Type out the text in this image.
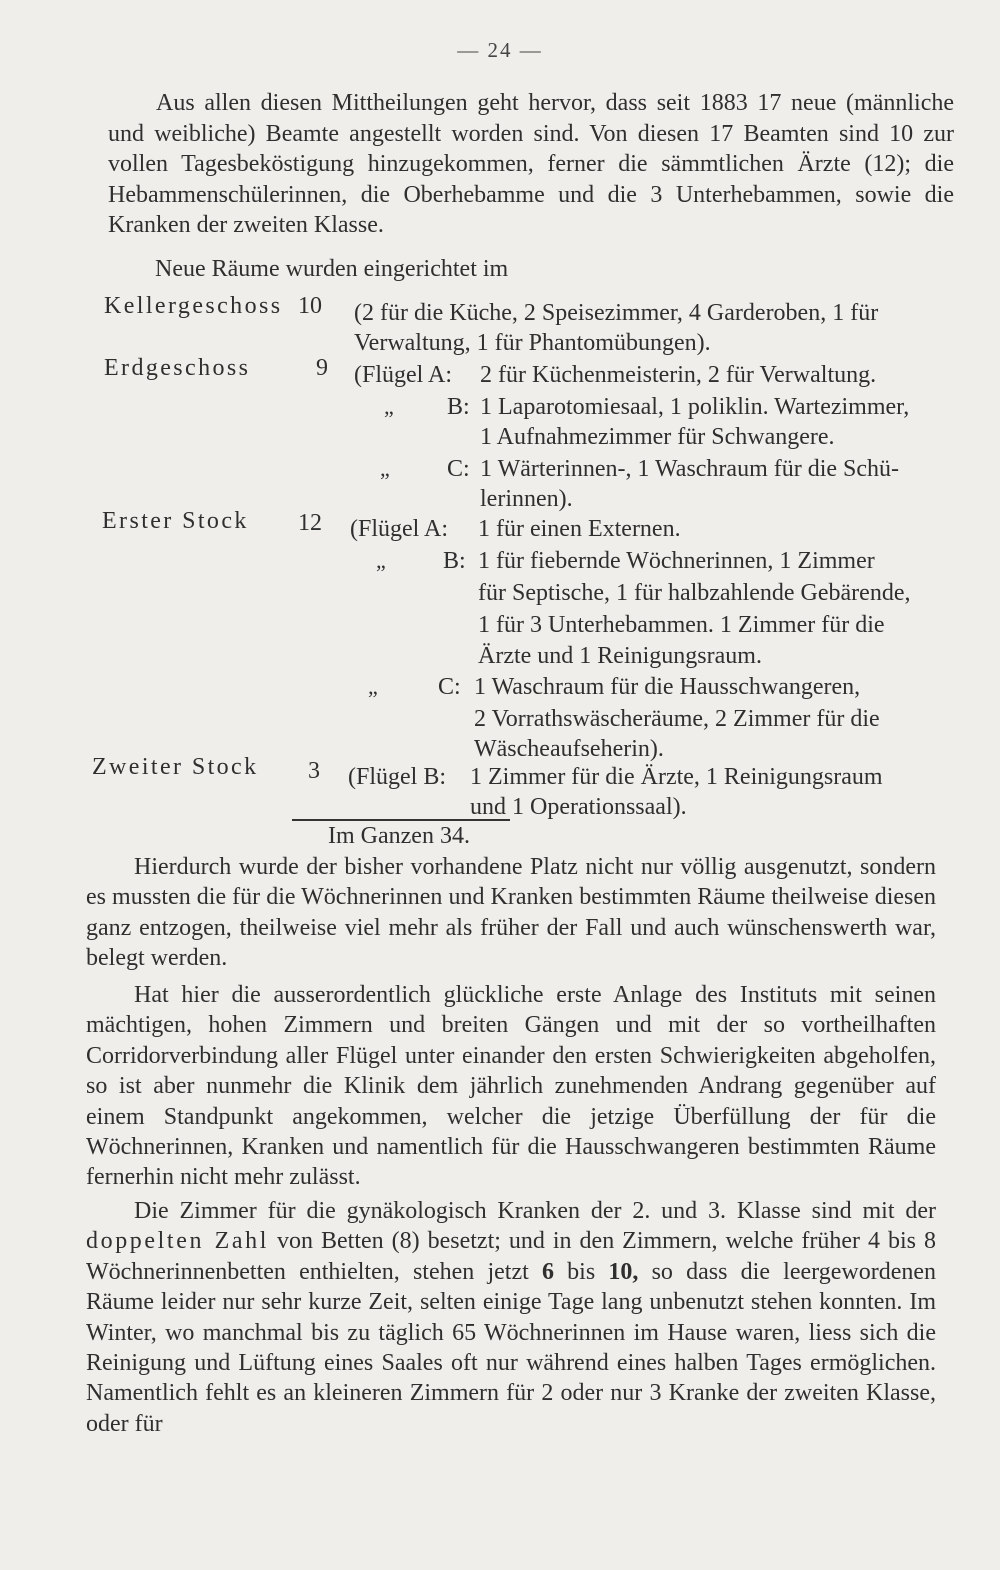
— 24 —

Aus allen diesen Mittheilungen geht hervor, dass seit 1883 17 neue (männliche und weibliche) Beamte angestellt worden sind. Von diesen 17 Beamten sind 10 zur vollen Tagesbeköstigung hinzugekommen, ferner die sämmtlichen Ärzte (12); die Hebammenschülerinnen, die Oberhebamme und die 3 Unterhebammen, sowie die Kranken der zweiten Klasse.

Neue Räume wurden eingerichtet im
Kellergeschoss 10 (2 für die Küche, 2 Speisezimmer, 4 Garderoben, 1 für
Verwaltung, 1 für Phantomübungen).
Erdgeschoss	9 (Flügel A: 2 für Küchenmeisterin, 2 für Verwaltung.
„ B: 1 Laparotomiesaal, 1 poliklin. Wartezimmer,
1 Aufnahmezimmer für Schwangere.
„ C: 1 Wärterinnen-, 1 Waschraum für die Schü-
lerinnen).
Erster Stock 12 (Flügel A: 1 für einen Externen.
„ B: 1 für fiebernde Wöchnerinnen, 1 Zimmer
für Septische, 1 für halbzahlende Gebärende,
1 für 3 Unterhebammen. 1 Zimmer für die
Ärzte und 1 Reinigungsraum.
„	C: 1 Waschraum für die Hausschwangeren,
2 Vorrathswäscheräume, 2 Zimmer für die
Wäscheaufseherin).
Zweiter Stock 3 (Flügel B: 1 Zimmer für die Ärzte, 1 Reinigungsraum
und 1 Operationssaal).
Im Ganzen 34.

Hierdurch wurde der bisher vorhandene Platz nicht nur völlig ausgenutzt, sondern es mussten die für die Wöchnerinnen und Kranken bestimmten Räume theilweise diesen ganz entzogen, theilweise viel mehr als früher der Fall und auch wünschenswerth war, belegt werden.

Hat hier die ausserordentlich glückliche erste Anlage des Instituts mit seinen mächtigen, hohen Zimmern und breiten Gängen und mit der so vortheilhaften Corridorverbindung aller Flügel unter einander den ersten Schwierigkeiten abgeholfen, so ist aber nunmehr die Klinik dem jährlich zunehmenden Andrang gegenüber auf einem Standpunkt angekommen, welcher die jetzige Überfüllung der für die Wöchnerinnen, Kranken und namentlich für die Hausschwangeren bestimmten Räume fernerhin nicht mehr zulässt.

Die Zimmer für die gynäkologisch Kranken der 2. und 3. Klasse sind mit der doppelten Zahl von Betten (8) besetzt; und in den Zimmern, welche früher 4 bis 8 Wöchnerinnenbetten enthielten, stehen jetzt 6 bis 10, so dass die leergewordenen Räume leider nur sehr kurze Zeit, selten einige Tage lang unbenutzt stehen konnten. Im Winter, wo manchmal bis zu täglich 65 Wöchnerinnen im Hause waren, liess sich die Reinigung und Lüftung eines Saales oft nur während eines halben Tages ermöglichen. Namentlich fehlt es an kleineren Zimmern für 2 oder nur 3 Kranke der zweiten Klasse, oder für
